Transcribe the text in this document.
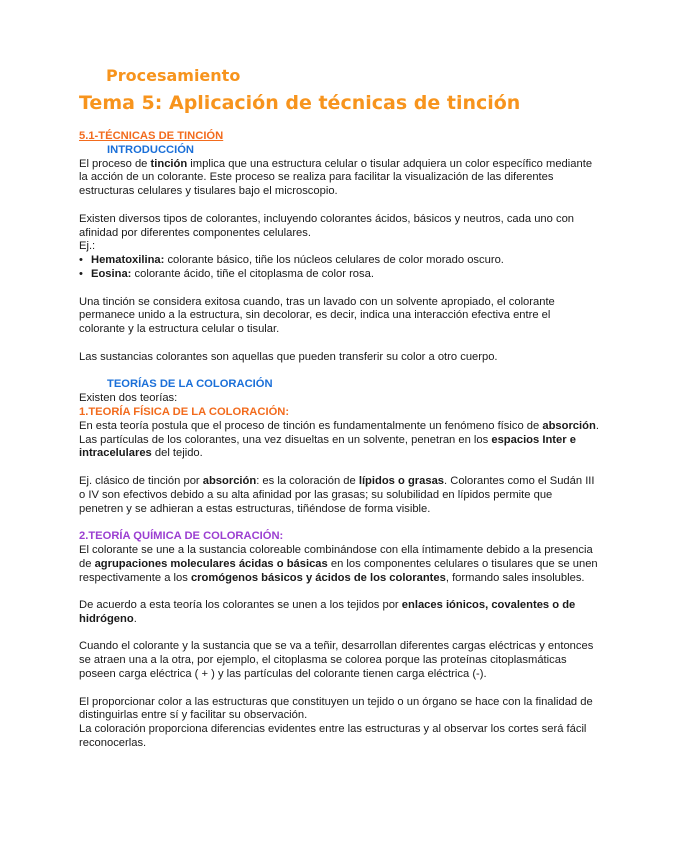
Procesamiento
Tema 5: Aplicación de técnicas de tinción
5.1-TÉCNICAS DE TINCIÓN
INTRODUCCIÓN

El proceso de tinción implica que una estructura celular o tisular adquiera un color específico mediante la acción de un colorante. Este proceso se realiza para facilitar la visualización de las diferentes estructuras celulares y tisulares bajo el microscopio.

Existen diversos tipos de colorantes, incluyendo colorantes ácidos, básicos y neutros, cada uno con afinidad por diferentes componentes celulares.

Ej.:

• Hematoxilina: colorante básico, tiñe los núcleos celulares de color morado oscuro.
• Eosina: colorante ácido, tiñe el citoplasma de color rosa.

Una tinción se considera exitosa cuando, tras un lavado con un solvente apropiado, el colorante permanece unido a la estructura, sin decolorar, es decir, indica una interacción efectiva entre el colorante y la estructura celular o tisular.

Las sustancias colorantes son aquellas que pueden transferir su color a otro cuerpo.

TEORÍAS DE LA COLORACIÓN

Existen dos teorías:

1.TEORÍA FÍSICA DE LA COLORACIÓN:

En esta teoría postula que el proceso de tinción es fundamentalmente un fenómeno físico de absorción. Las partículas de los colorantes, una vez disueltas en un solvente, penetran en los espacios Inter e intracelulares del tejido.

Ej. clásico de tinción por absorción: es la coloración de lípidos o grasas. Colorantes como el Sudán III o IV son efectivos debido a su alta afinidad por las grasas; su solubilidad en lípidos permite que penetren y se adhieran a estas estructuras, tiñéndose de forma visible.

2.TEORÍA QUÍMICA DE COLORACIÓN:

El colorante se une a la sustancia coloreable combinándose con ella íntimamente debido a la presencia de agrupaciones moleculares ácidas o básicas en los componentes celulares o tisulares que se unen respectivamente a los cromógenos básicos y ácidos de los colorantes, formando sales insolubles.

De acuerdo a esta teoría los colorantes se unen a los tejidos por enlaces iónicos, covalentes o de hidrógeno.

Cuando el colorante y la sustancia que se va a teñir, desarrollan diferentes cargas eléctricas y entonces se atraen una a la otra, por ejemplo, el citoplasma se colorea porque las proteínas citoplasmáticas poseen carga eléctrica ( + ) y las partículas del colorante tienen carga eléctrica (-).

El proporcionar color a las estructuras que constituyen un tejido o un órgano se hace con la finalidad de distinguirlas entre sí y facilitar su observación.

La coloración proporciona diferencias evidentes entre las estructuras y al observar los cortes será fácil reconocerlas.
